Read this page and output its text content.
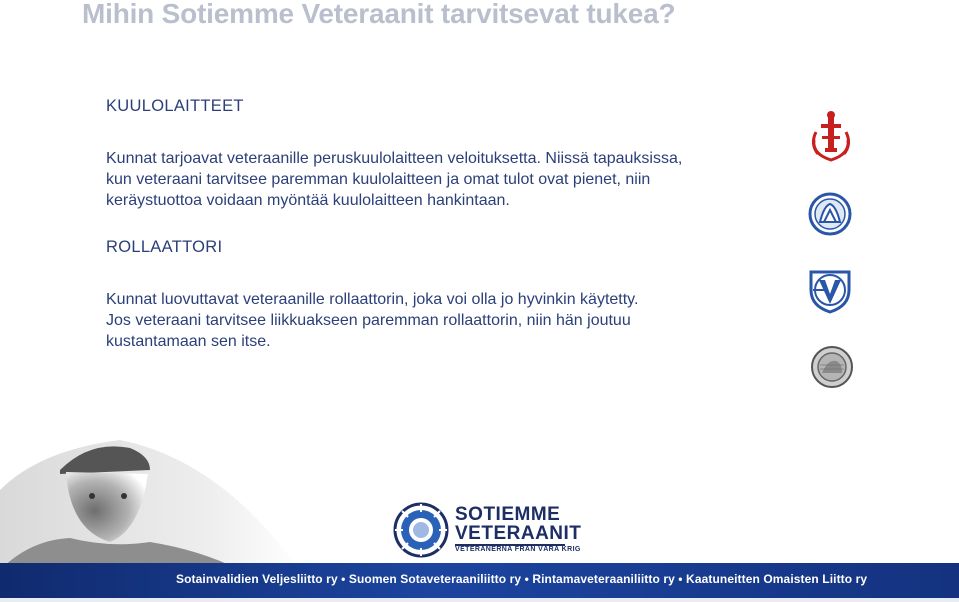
Mihin Sotiemme Veteraanit tarvitsevat tukea?
KUULOLAITTEET
Kunnat tarjoavat veteraanille peruskuulolaitteen veloituksetta. Niissä tapauksissa,
kun veteraani tarvitsee paremman kuulolaitteen ja omat tulot ovat pienet, niin
keräystuottoa voidaan myöntää kuulolaitteen hankintaan.
ROLLAATTORI
Kunnat luovuttavat veteraanille rollaattorin, joka voi olla jo hyvinkin käytetty.
Jos veteraani tarvitsee liikkuakseen paremman rollaattorin, niin hän joutuu
kustantamaan sen itse.
SOTIEMME
VETERAANIT
VETERANERNA FRÅN VÅRA KRIG
Sotainvalidien Veljesliitto ry • Suomen Sotaveteraaniliitto ry • Rintamaveteraaniliitto ry • Kaatuneitten Omaisten Liitto ry
